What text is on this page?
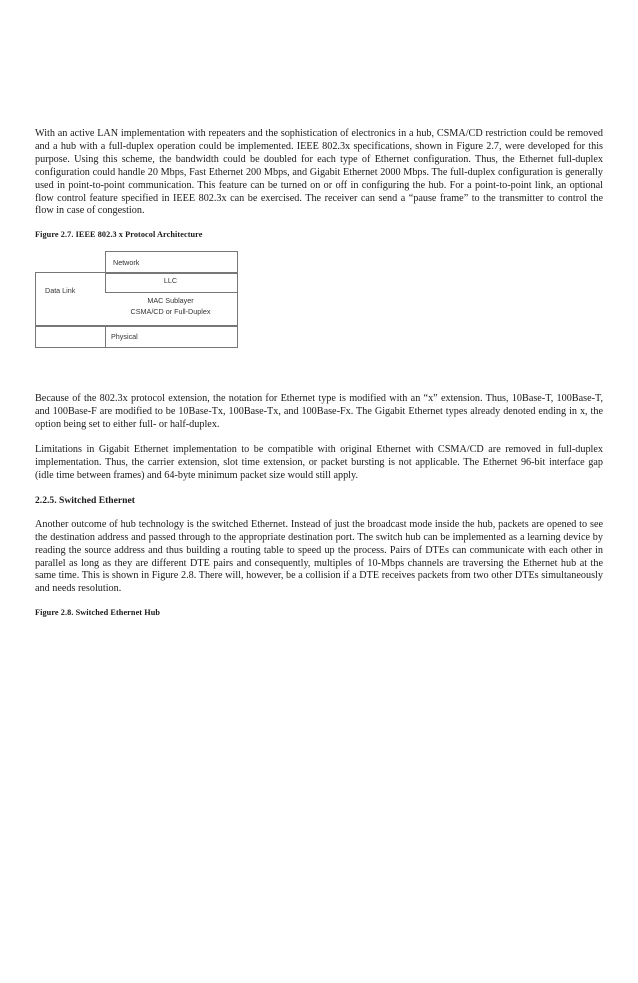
With an active LAN implementation with repeaters and the sophistication of electronics in a hub, CSMA/CD restriction could be removed and a hub with a full-duplex operation could be implemented. IEEE 802.3x specifications, shown in Figure 2.7, were developed for this purpose. Using this scheme, the bandwidth could be doubled for each type of Ethernet configuration. Thus, the Ethernet full-duplex configuration could handle 20 Mbps, Fast Ethernet 200 Mbps, and Gigabit Ethernet 2000 Mbps. The full-duplex configuration is generally used in point-to-point communication. This feature can be turned on or off in configuring the hub. For a point-to-point link, an optional flow control feature specified in IEEE 802.3x can be exercised. The receiver can send a “pause frame” to the transmitter to control the flow in case of congestion.

Figure 2.7. IEEE 802.3 x Protocol Architecture
Network
Data Link
LLC
MAC Sublayer
CSMA/CD or Full-Duplex
Physical

Because of the 802.3x protocol extension, the notation for Ethernet type is modified with an “x” extension. Thus, 10Base-T, 100Base-T, and 100Base-F are modified to be 10Base-Tx, 100Base-Tx, and 100Base-Fx. The Gigabit Ethernet types already denoted ending in x, the option being set to either full- or half-duplex.

Limitations in Gigabit Ethernet implementation to be compatible with original Ethernet with CSMA/CD are removed in full-duplex implementation. Thus, the carrier extension, slot time extension, or packet bursting is not applicable. The Ethernet 96-bit interface gap (idle time between frames) and 64-byte minimum packet size would still apply.

2.2.5. Switched Ethernet

Another outcome of hub technology is the switched Ethernet. Instead of just the broadcast mode inside the hub, packets are opened to see the destination address and passed through to the appropriate destination port. The switch hub can be implemented as a learning device by reading the source address and thus building a routing table to speed up the process. Pairs of DTEs can communicate with each other in parallel as long as they are different DTE pairs and consequently, multiples of 10-Mbps channels are traversing the Ethernet hub at the same time. This is shown in Figure 2.8. There will, however, be a collision if a DTE receives packets from two other DTEs simultaneously and needs resolution.

Figure 2.8. Switched Ethernet Hub
